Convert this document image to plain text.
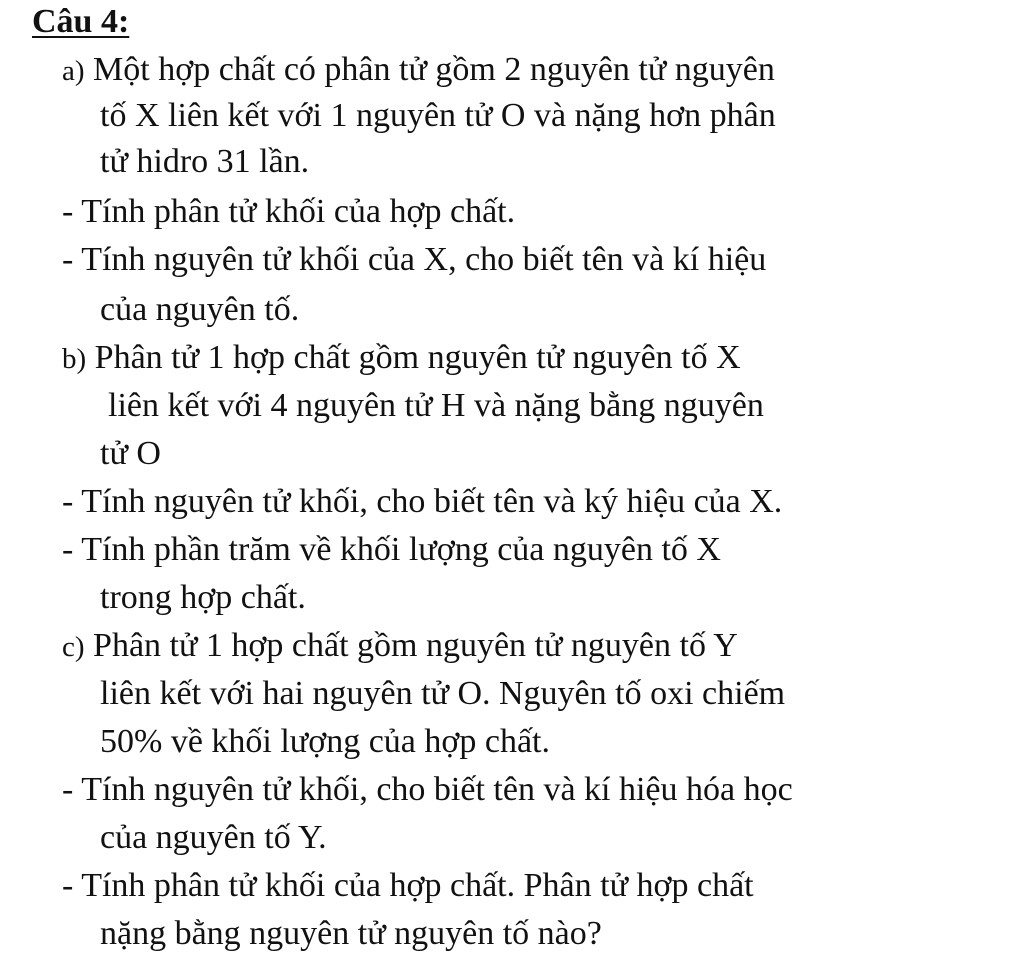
Câu 4:
a) Một hợp chất có phân tử gồm 2 nguyên tử nguyên
tố X liên kết với 1 nguyên tử O và nặng hơn phân
tử hidro 31 lần.
- Tính phân tử khối của hợp chất.
- Tính nguyên tử khối của X, cho biết tên và kí hiệu
của nguyên tố.
b) Phân tử 1 hợp chất gồm nguyên tử nguyên tố X
liên kết với 4 nguyên tử H và nặng bằng nguyên
tử O
- Tính nguyên tử khối, cho biết tên và ký hiệu của X.
- Tính phần trăm về khối lượng của nguyên tố X
trong hợp chất.
c) Phân tử 1 hợp chất gồm nguyên tử nguyên tố Y
liên kết với hai nguyên tử O. Nguyên tố oxi chiếm
50% về khối lượng của hợp chất.
- Tính nguyên tử khối, cho biết tên và kí hiệu hóa học
của nguyên tố Y.
- Tính phân tử khối của hợp chất. Phân tử hợp chất
nặng bằng nguyên tử nguyên tố nào?
